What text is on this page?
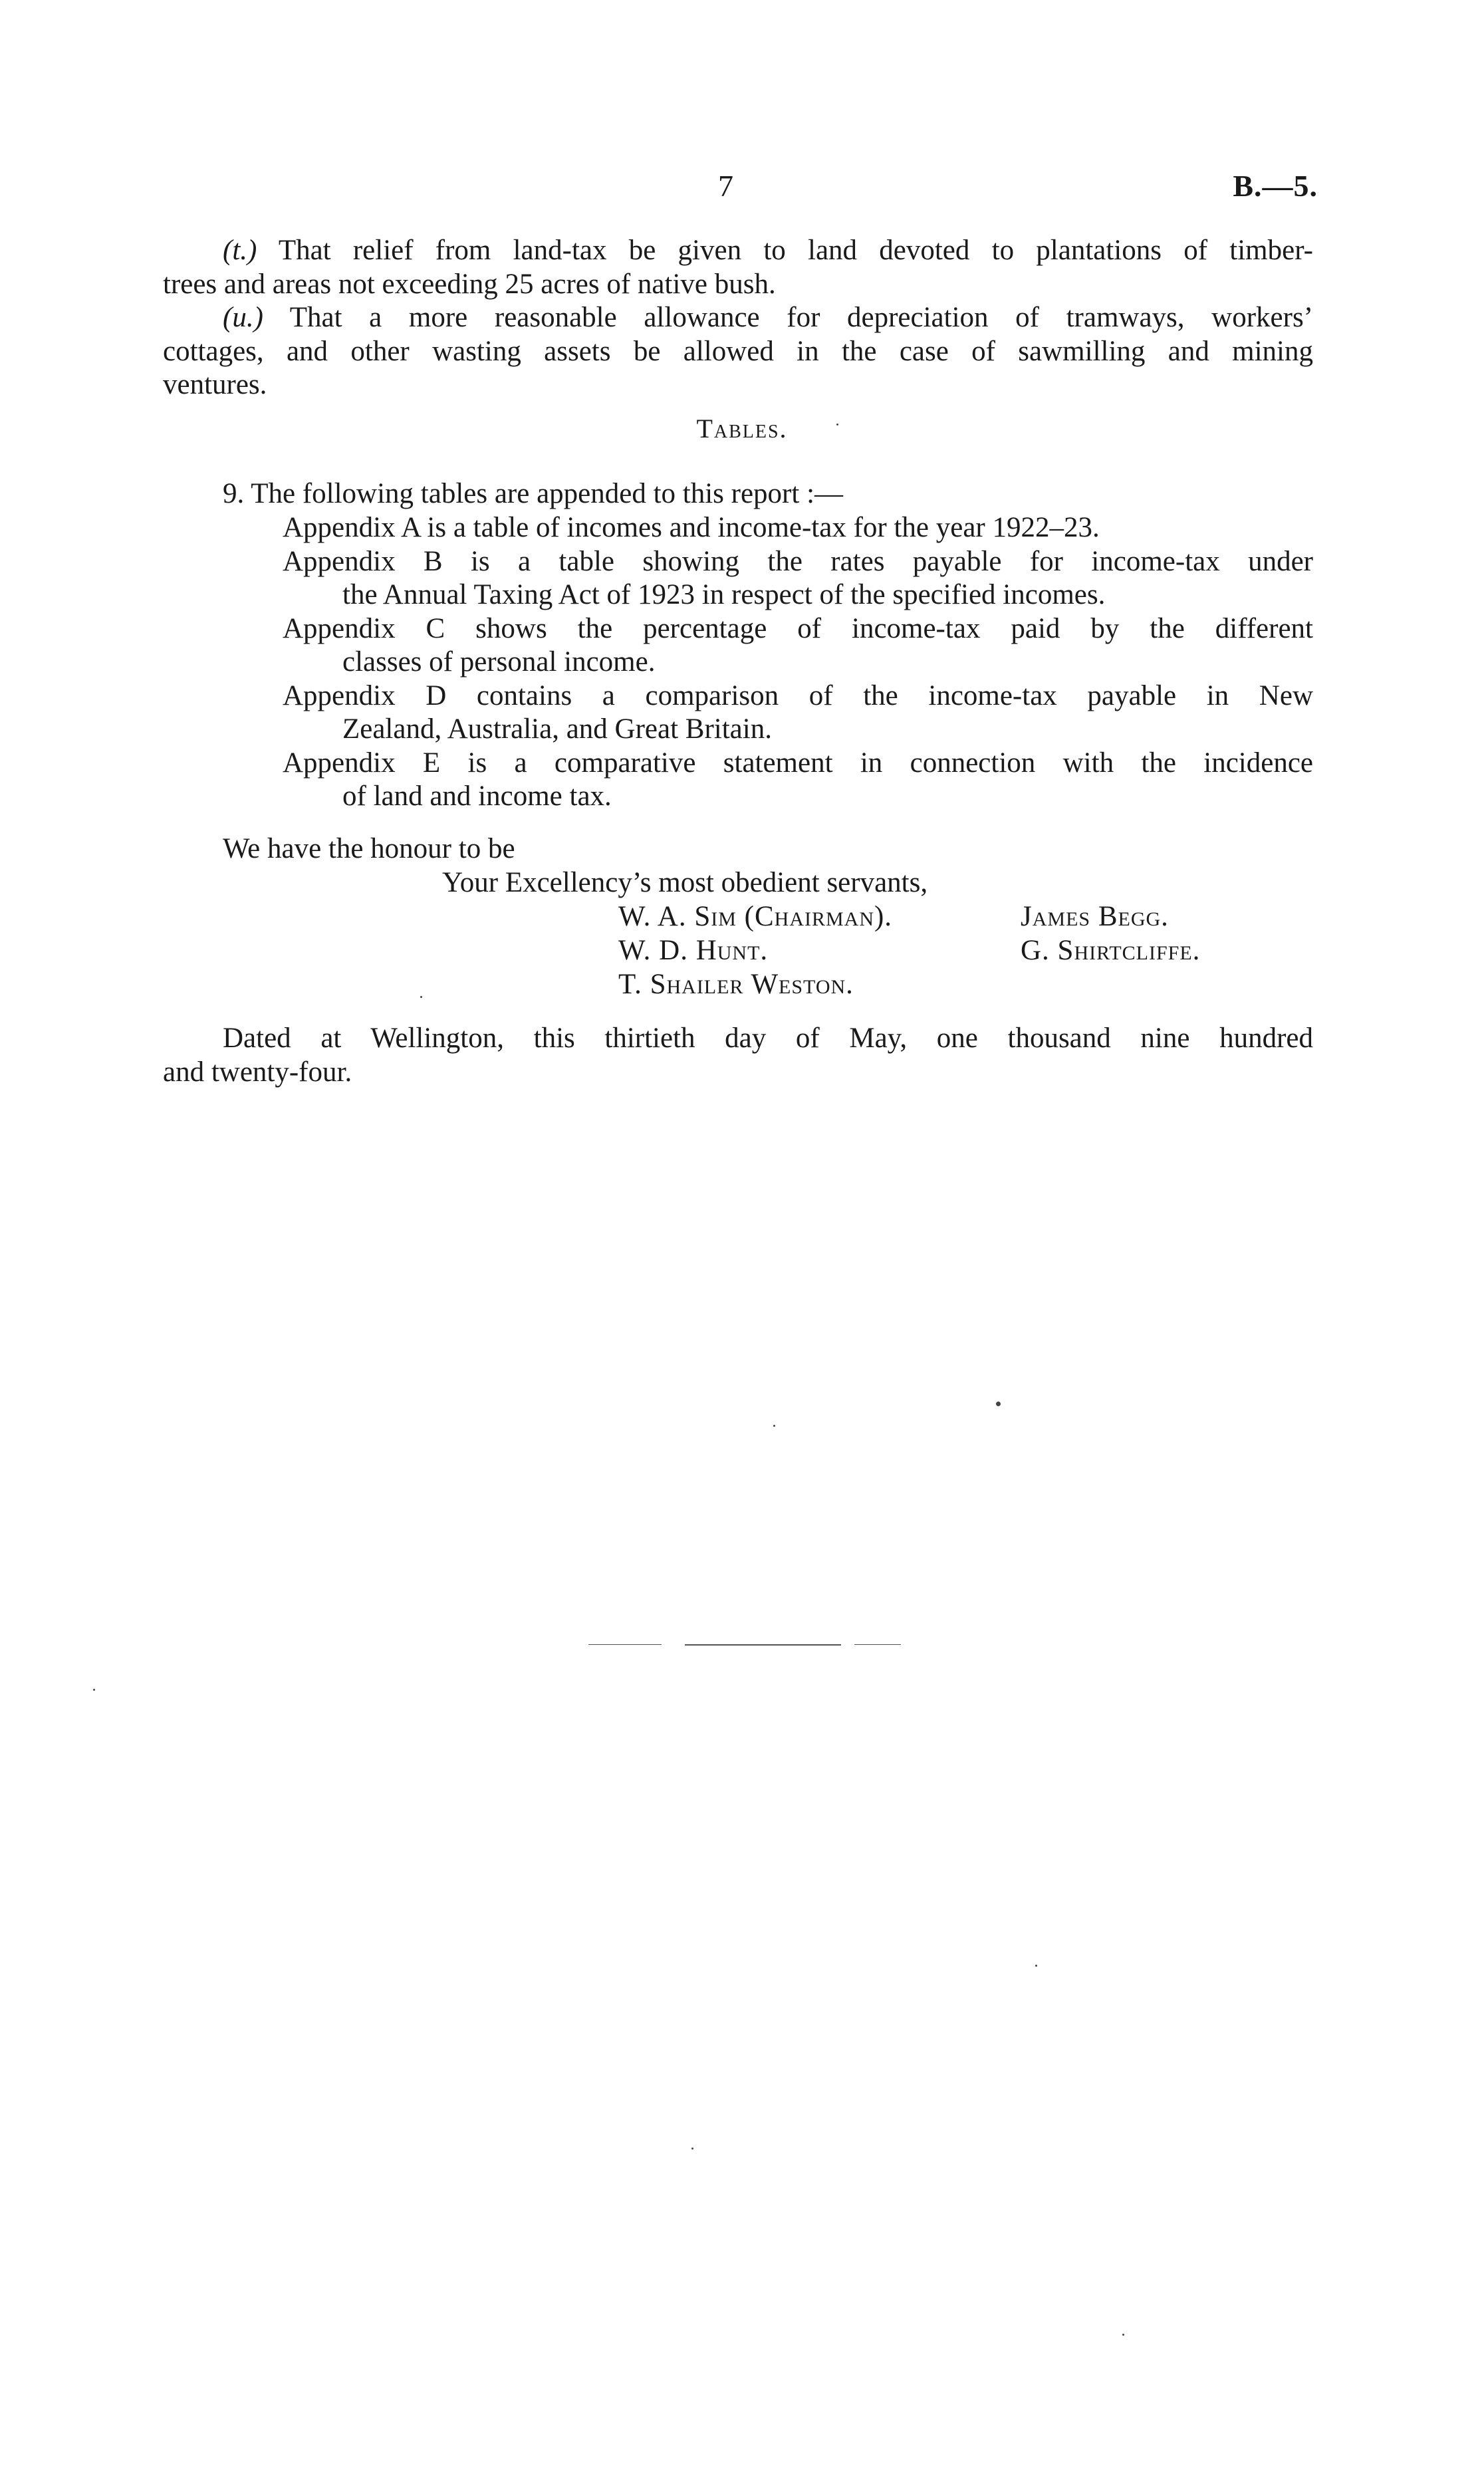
7	B.—5.
(t.) That relief from land-tax be given to land devoted to plantations of timber-
trees and areas not exceeding 25 acres of native bush.
(u.) That a more reasonable allowance for depreciation of tramways, workers’
cottages, and other wasting assets be allowed in the case of sawmilling and mining
ventures.
Tables.
9. The following tables are appended to this report :—
Appendix A is a table of incomes and income-tax for the year 1922–23.
Appendix B is a table showing the rates payable for income-tax under
the Annual Taxing Act of 1923 in respect of the specified incomes.
Appendix C shows the percentage of income-tax paid by the different
classes of personal income.
Appendix D contains a comparison of the income-tax payable in New
Zealand, Australia, and Great Britain.
Appendix E is a comparative statement in connection with the incidence
of land and income tax.
We have the honour to be
Your Excellency’s most obedient servants,
W. A. Sim (Chairman).
W. D. Hunt.
T. Shailer Weston.
James Begg.
G. Shirtcliffe.
Dated at Wellington, this thirtieth day of May, one thousand nine hundred
and twenty-four.
